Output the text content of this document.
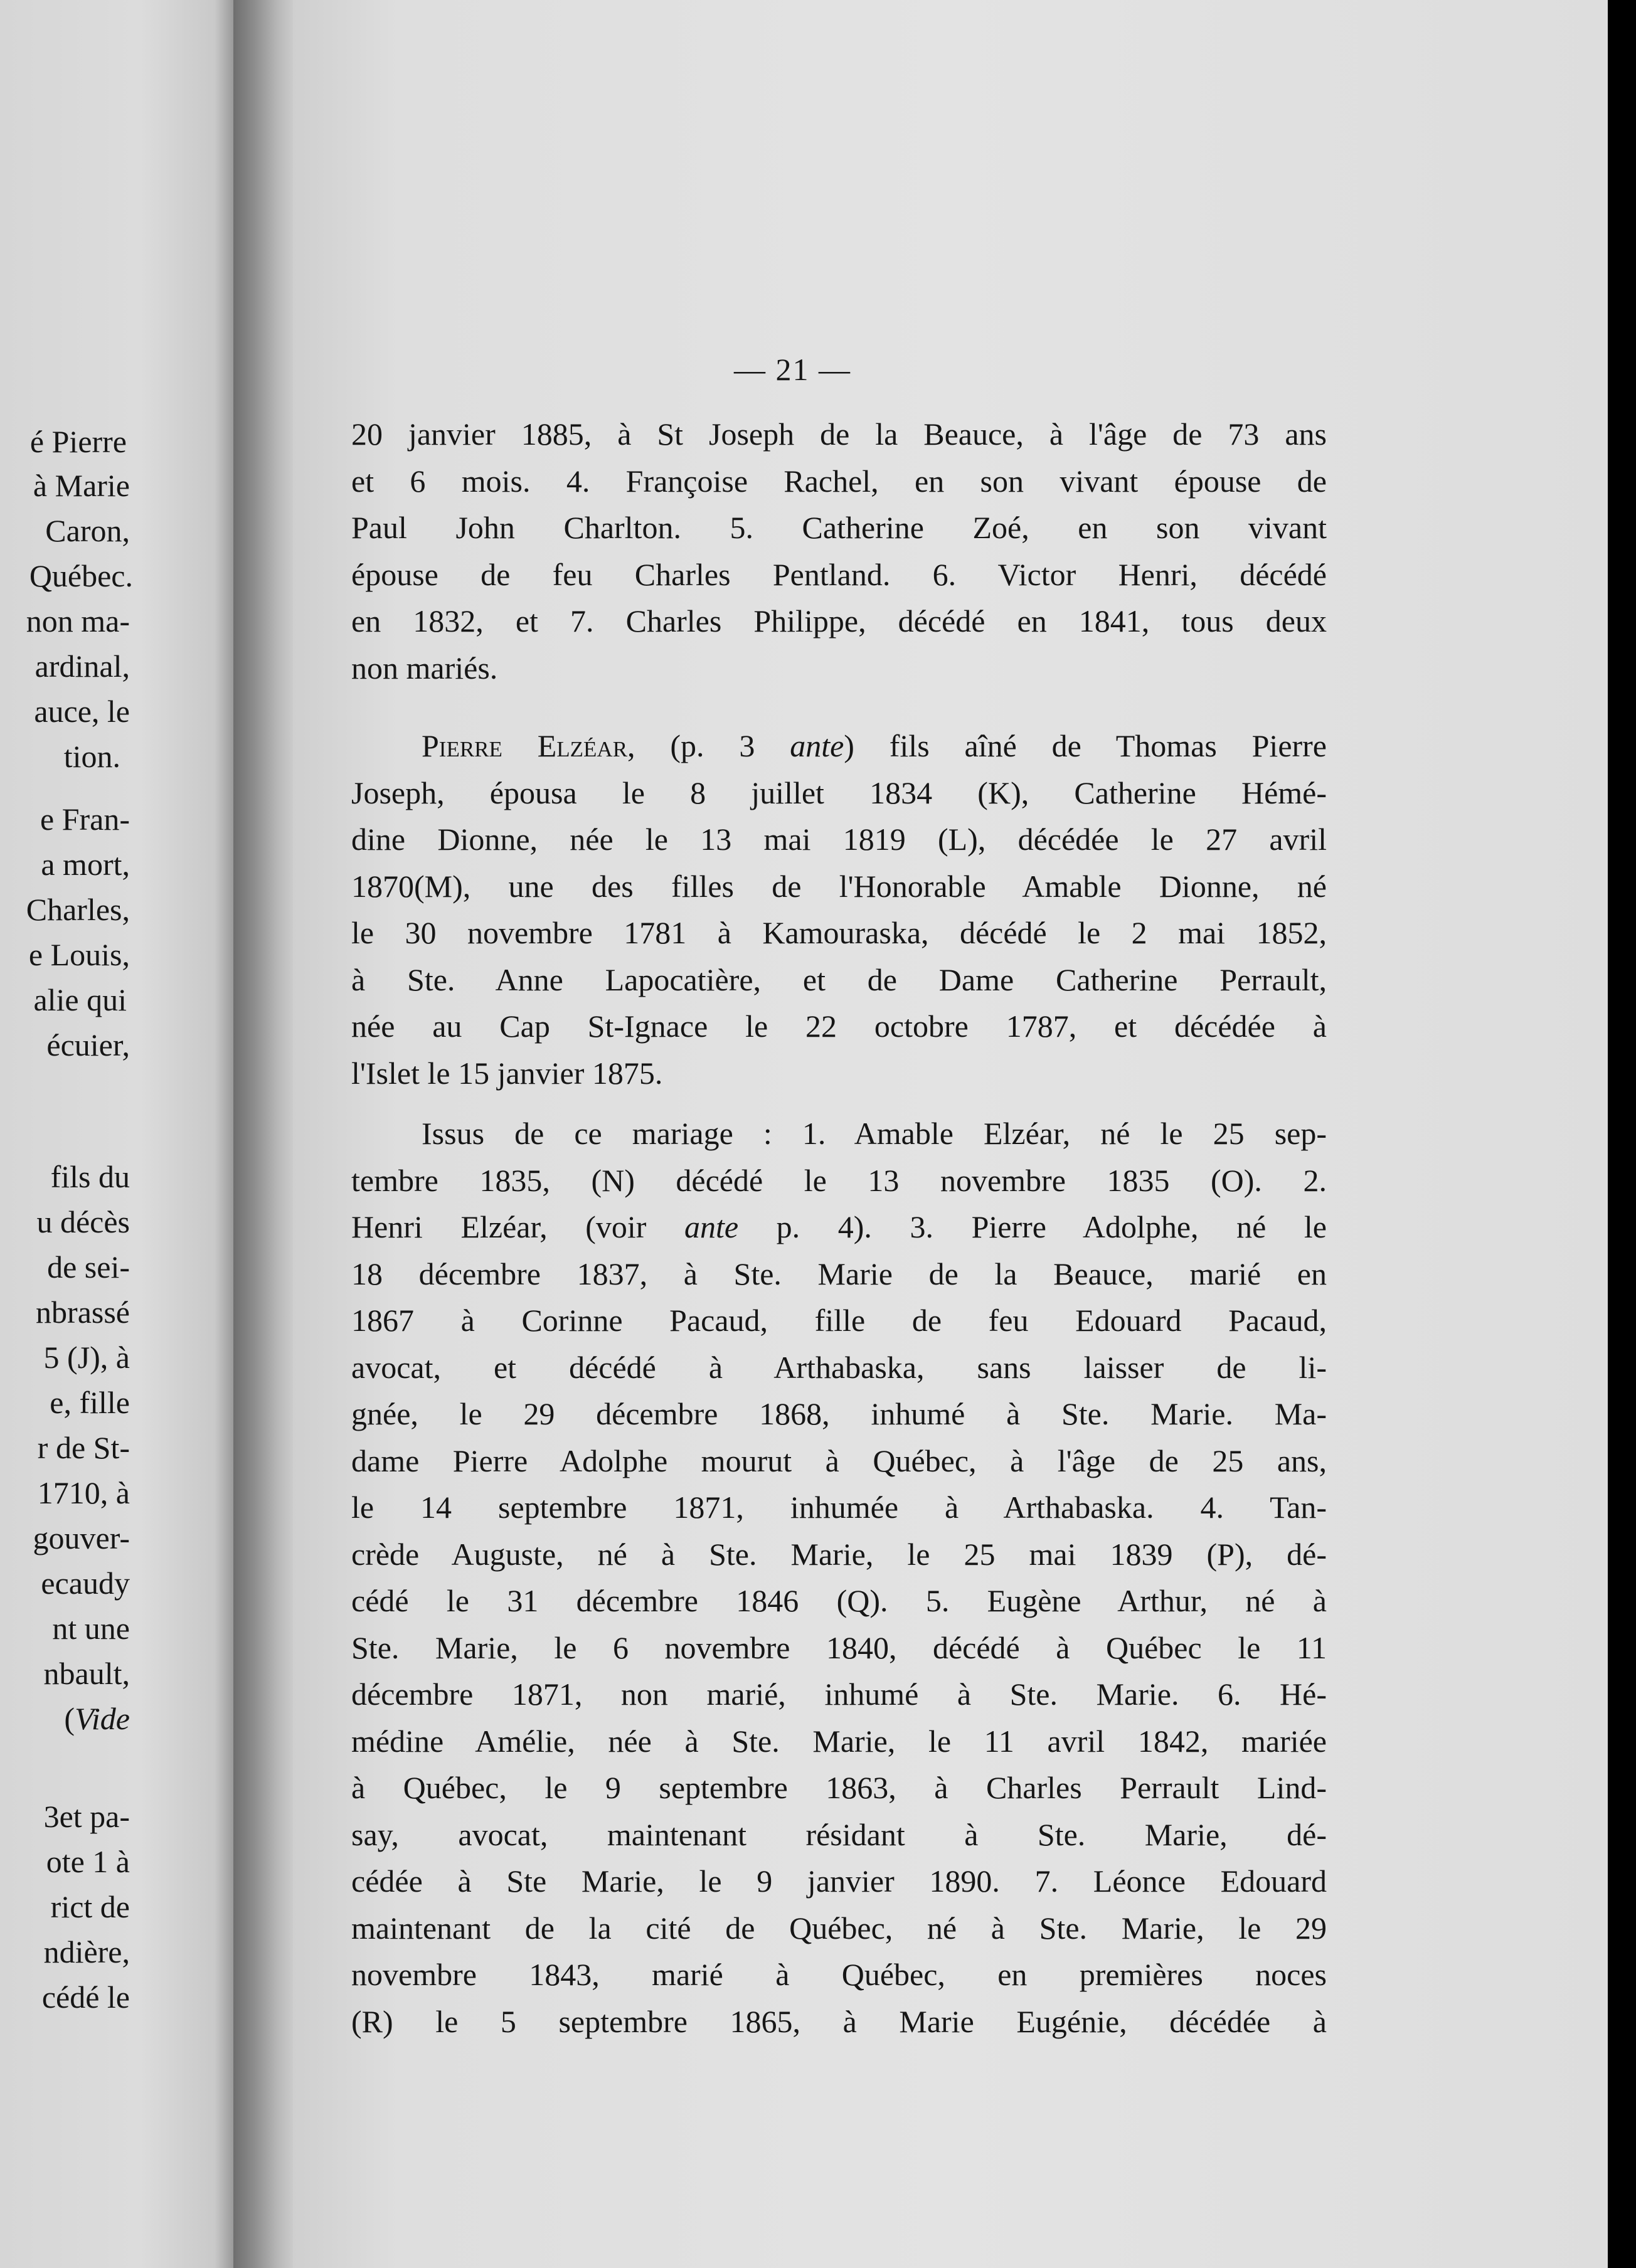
é Pierre
à Marie
Caron,
Québec.
non ma-
ardinal,
auce, le
tion.
e Fran-
a mort,
Charles,
e Louis,
alie qui
écuier,
fils du
u décès
de sei-
nbrassé
5 (J), à
e, fille
r de St-
1710, à
gouver-
ecaudy
nt une
nbault,
(Vide
3et pa-
ote 1 à
rict de
ndière,
cédé le
— 21 —
20 janvier 1885, à St Joseph de la Beauce, à l'âge de 73 ans
et 6 mois. 4. Françoise Rachel, en son vivant épouse de
Paul John Charlton. 5. Catherine Zoé, en son vivant
épouse de feu Charles Pentland. 6. Victor Henri, décédé
en 1832, et 7. Charles Philippe, décédé en 1841, tous deux
non mariés.
Pierre Elzéar, (p. 3 ante) fils aîné de Thomas Pierre
Joseph, épousa le 8 juillet 1834 (K), Catherine Hémé-
dine Dionne, née le 13 mai 1819 (L), décédée le 27 avril
1870(M), une des filles de l'Honorable Amable Dionne, né
le 30 novembre 1781 à Kamouraska, décédé le 2 mai 1852,
à Ste. Anne Lapocatière, et de Dame Catherine Perrault,
née au Cap St-Ignace le 22 octobre 1787, et décédée à
l'Islet le 15 janvier 1875.
Issus de ce mariage : 1. Amable Elzéar, né le 25 sep-
tembre 1835, (N) décédé le 13 novembre 1835 (O). 2.
Henri Elzéar, (voir ante p. 4). 3. Pierre Adolphe, né le
18 décembre 1837, à Ste. Marie de la Beauce, marié en
1867 à Corinne Pacaud, fille de feu Edouard Pacaud,
avocat, et décédé à Arthabaska, sans laisser de li-
gnée, le 29 décembre 1868, inhumé à Ste. Marie. Ma-
dame Pierre Adolphe mourut à Québec, à l'âge de 25 ans,
le 14 septembre 1871, inhumée à Arthabaska. 4. Tan-
crède Auguste, né à Ste. Marie, le 25 mai 1839 (P), dé-
cédé le 31 décembre 1846 (Q). 5. Eugène Arthur, né à
Ste. Marie, le 6 novembre 1840, décédé à Québec le 11
décembre 1871, non marié, inhumé à Ste. Marie. 6. Hé-
médine Amélie, née à Ste. Marie, le 11 avril 1842, mariée
à Québec, le 9 septembre 1863, à Charles Perrault Lind-
say, avocat, maintenant résidant à Ste. Marie, dé-
cédée à Ste Marie, le 9 janvier 1890. 7. Léonce Edouard
maintenant de la cité de Québec, né à Ste. Marie, le 29
novembre 1843, marié à Québec, en premières noces
(R) le 5 septembre 1865, à Marie Eugénie, décédée à
